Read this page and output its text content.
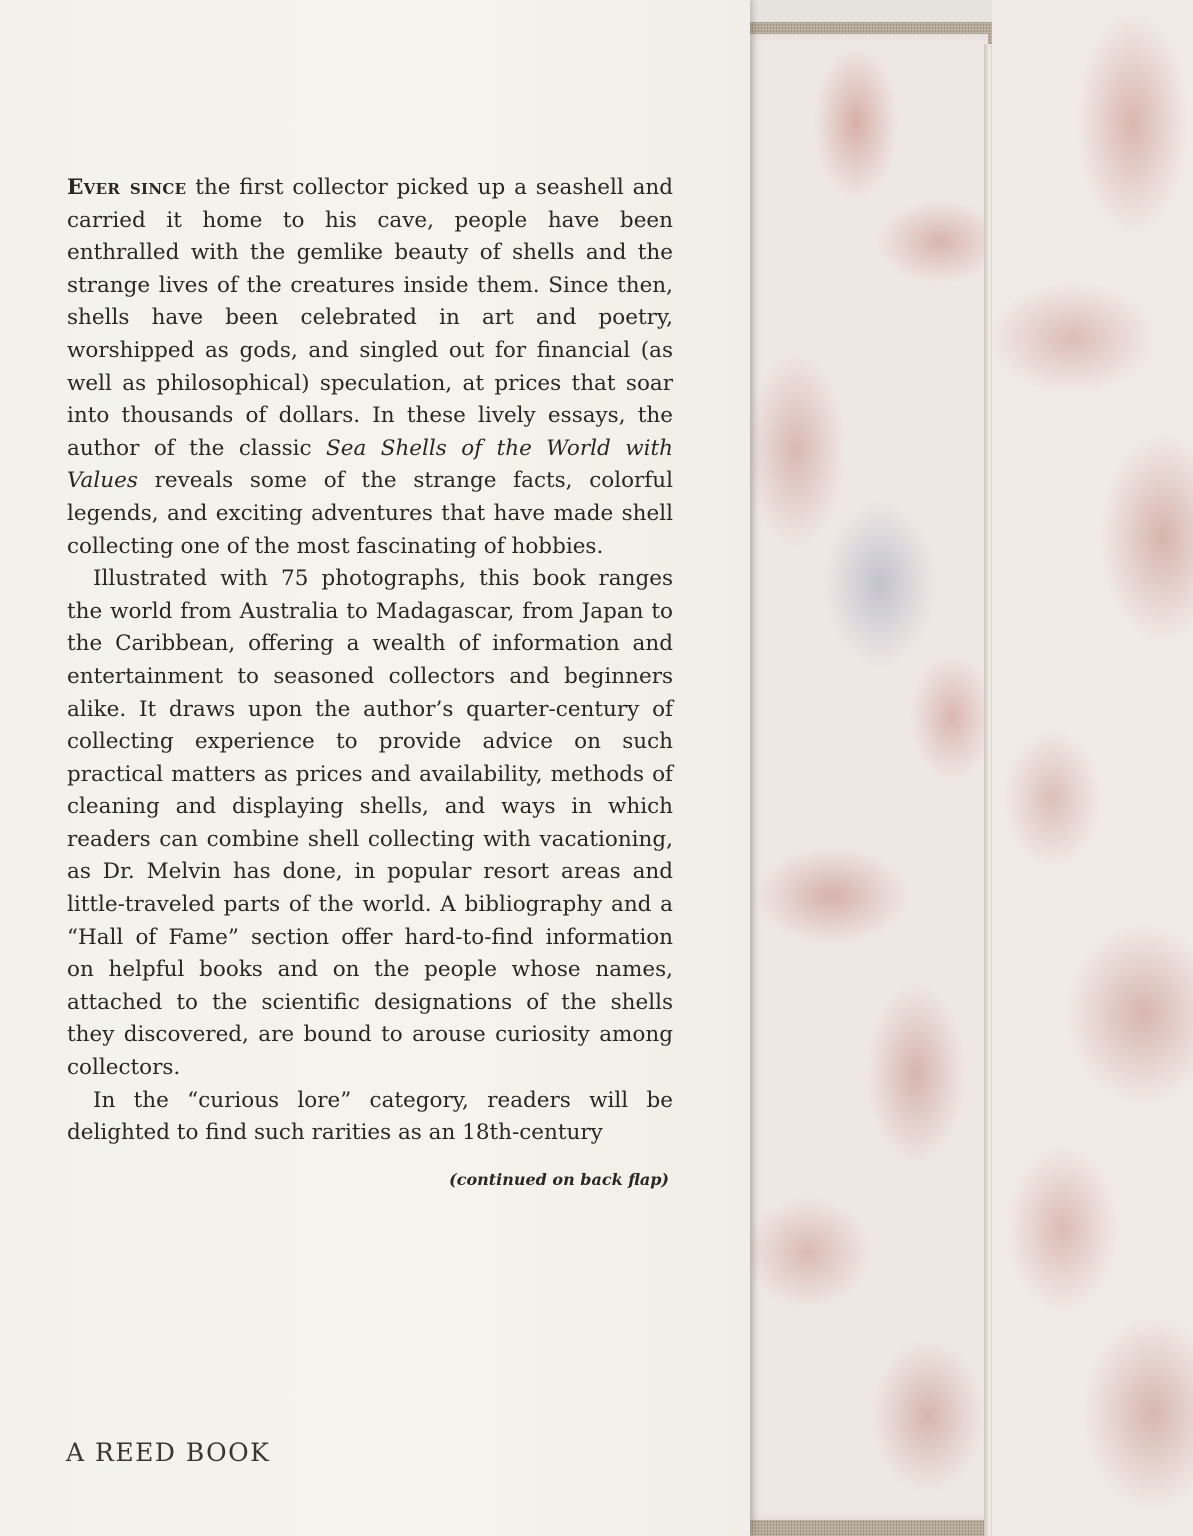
Ever since the first collector picked up a seashell and carried it home to his cave, people have been enthralled with the gemlike beauty of shells and the strange lives of the creatures inside them. Since then, shells have been celebrated in art and poetry, worshipped as gods, and singled out for financial (as well as philosophical) speculation, at prices that soar into thousands of dollars. In these lively essays, the author of the classic Sea Shells of the World with Values reveals some of the strange facts, colorful legends, and exciting adventures that have made shell collecting one of the most fascinating of hobbies.

Illustrated with 75 photographs, this book ranges the world from Australia to Madagascar, from Japan to the Caribbean, offering a wealth of information and entertainment to seasoned collectors and beginners alike. It draws upon the author’s quarter-century of collecting experience to provide advice on such practical matters as prices and availability, methods of cleaning and displaying shells, and ways in which readers can combine shell collecting with vacationing, as Dr. Melvin has done, in popular resort areas and little-traveled parts of the world. A bibliography and a “Hall of Fame” section offer hard-to-find information on helpful books and on the people whose names, attached to the scientific designations of the shells they discovered, are bound to arouse curiosity among collectors.

In the “curious lore” category, readers will be delighted to find such rarities as an 18th-century

(continued on back flap)
A REED BOOK
